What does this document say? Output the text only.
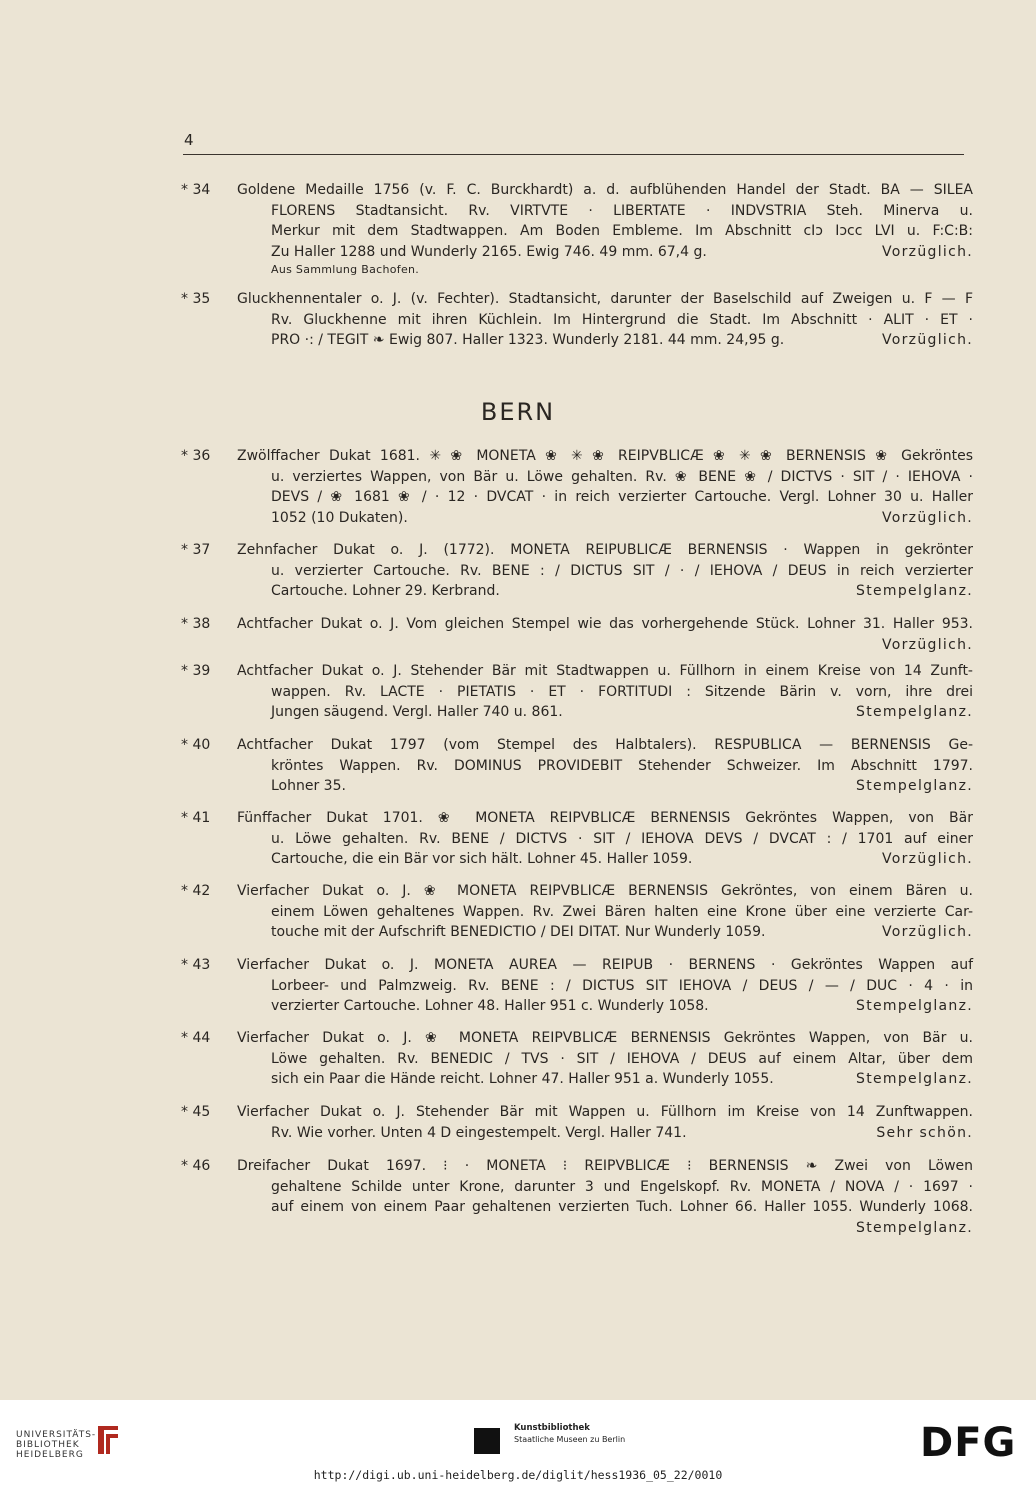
4
BERN
* 34	Goldene Medaille 1756 (v. F. C. Burckhardt) a. d. aufblühenden Handel der Stadt. BA — SILEA
FLORENS Stadtansicht. Rv. VIRTVTE · LIBERTATE · INDVSTRIA Steh. Minerva u.
Merkur mit dem Stadtwappen. Am Boden Embleme. Im Abschnitt cIↄ Iↄcc LVI u. F:C:B:
Zu Haller 1288 und Wunderly 2165. Ewig 746. 49 mm. 67,4 g.	Vorzüglich.
Aus Sammlung Bachofen.
* 35	Gluckhennentaler o. J. (v. Fechter). Stadtansicht, darunter der Baselschild auf Zweigen u. F — F
Rv. Gluckhenne mit ihren Küchlein. Im Hintergrund die Stadt. Im Abschnitt · ALIT · ET ·
PRO ·: / TEGIT ❧ Ewig 807. Haller 1323. Wunderly 2181. 44 mm. 24,95 g.	Vorzüglich.
* 36	Zwölffacher Dukat 1681. ✳ ❀ MONETA ❀ ✳ ❀ REIPVBLICÆ ❀ ✳ ❀ BERNENSIS ❀ Gekröntes
u. verziertes Wappen, von Bär u. Löwe gehalten. Rv. ❀ BENE ❀ / DICTVS · SIT / · IEHOVA ·
DEVS / ❀ 1681 ❀ / · 12 · DVCAT · in reich verzierter Cartouche. Vergl. Lohner 30 u. Haller
1052 (10 Dukaten).	Vorzüglich.
* 37	Zehnfacher Dukat o. J. (1772). MONETA REIPUBLICÆ BERNENSIS · Wappen in gekrönter
u. verzierter Cartouche. Rv. BENE : / DICTUS SIT / · / IEHOVA / DEUS in reich verzierter
Cartouche. Lohner 29. Kerbrand.	Stempelglanz.
* 38	Achtfacher Dukat o. J. Vom gleichen Stempel wie das vorhergehende Stück. Lohner 31. Haller 953.
Vorzüglich.
* 39	Achtfacher Dukat o. J. Stehender Bär mit Stadtwappen u. Füllhorn in einem Kreise von 14 Zunft-
wappen. Rv. LACTE · PIETATIS · ET · FORTITUDI : Sitzende Bärin v. vorn, ihre drei
Jungen säugend. Vergl. Haller 740 u. 861.	Stempelglanz.
* 40	Achtfacher Dukat 1797 (vom Stempel des Halbtalers). RESPUBLICA — BERNENSIS Ge-
kröntes Wappen. Rv. DOMINUS PROVIDEBIT Stehender Schweizer. Im Abschnitt 1797.
Lohner 35.	Stempelglanz.
* 41	Fünffacher Dukat 1701. ❀ MONETA REIPVBLICÆ BERNENSIS Gekröntes Wappen, von Bär
u. Löwe gehalten. Rv. BENE / DICTVS · SIT / IEHOVA DEVS / DVCAT : / 1701 auf einer
Cartouche, die ein Bär vor sich hält. Lohner 45. Haller 1059.	Vorzüglich.
* 42	Vierfacher Dukat o. J. ❀ MONETA REIPVBLICÆ BERNENSIS Gekröntes, von einem Bären u.
einem Löwen gehaltenes Wappen. Rv. Zwei Bären halten eine Krone über eine verzierte Car-
touche mit der Aufschrift BENEDICTIO / DEI DITAT. Nur Wunderly 1059.	Vorzüglich.
* 43	Vierfacher Dukat o. J. MONETA AUREA — REIPUB · BERNENS · Gekröntes Wappen auf
Lorbeer- und Palmzweig. Rv. BENE : / DICTUS SIT IEHOVA / DEUS / — / DUC · 4 · in
verzierter Cartouche. Lohner 48. Haller 951 c. Wunderly 1058.	Stempelglanz.
* 44	Vierfacher Dukat o. J. ❀ MONETA REIPVBLICÆ BERNENSIS Gekröntes Wappen, von Bär u.
Löwe gehalten. Rv. BENEDIC / TVS · SIT / IEHOVA / DEUS auf einem Altar, über dem
sich ein Paar die Hände reicht. Lohner 47. Haller 951 a. Wunderly 1055.	Stempelglanz.
* 45	Vierfacher Dukat o. J. Stehender Bär mit Wappen u. Füllhorn im Kreise von 14 Zunftwappen.
Rv. Wie vorher. Unten 4 D eingestempelt. Vergl. Haller 741.	Sehr schön.
* 46	Dreifacher Dukat 1697. ⁝ · MONETA ⁝ REIPVBLICÆ ⁝ BERNENSIS ❧ Zwei von Löwen
gehaltene Schilde unter Krone, darunter 3 und Engelskopf. Rv. MONETA / NOVA / · 1697 ·
auf einem von einem Paar gehaltenen verzierten Tuch. Lohner 66. Haller 1055. Wunderly 1068.
Stempelglanz.
UNIVERSITÄTS-
BIBLIOTHEK
HEIDELBERG
Kunstbibliothek
Staatliche Museen zu Berlin	DFG
http://digi.ub.uni-heidelberg.de/diglit/hess1936_05_22/0010
